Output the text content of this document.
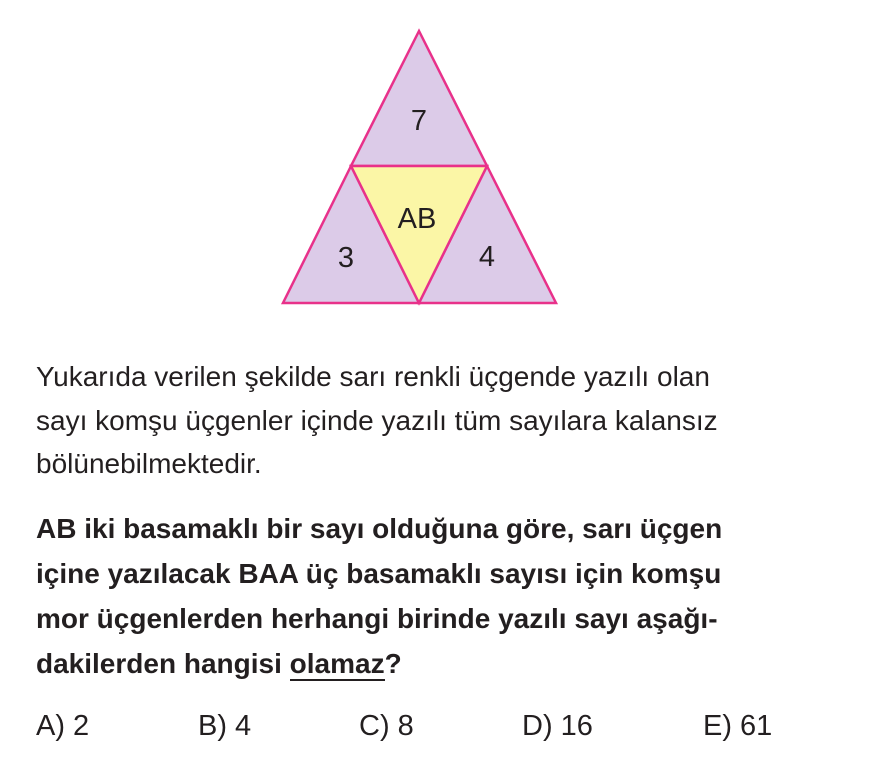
7
AB
3	4

Yukarıda verilen şekilde sarı renkli üçgende yazılı olan
sayı komşu üçgenler içinde yazılı tüm sayılara kalansız
bölünebilmektedir.

AB iki basamaklı bir sayı olduğuna göre, sarı üçgen
içine yazılacak BAA üç basamaklı sayısı için komşu
mor üçgenlerden herhangi birinde yazılı sayı aşağı-
dakilerden hangisi olamaz?

A) 2	B) 4	C) 8	D) 16	E) 61
